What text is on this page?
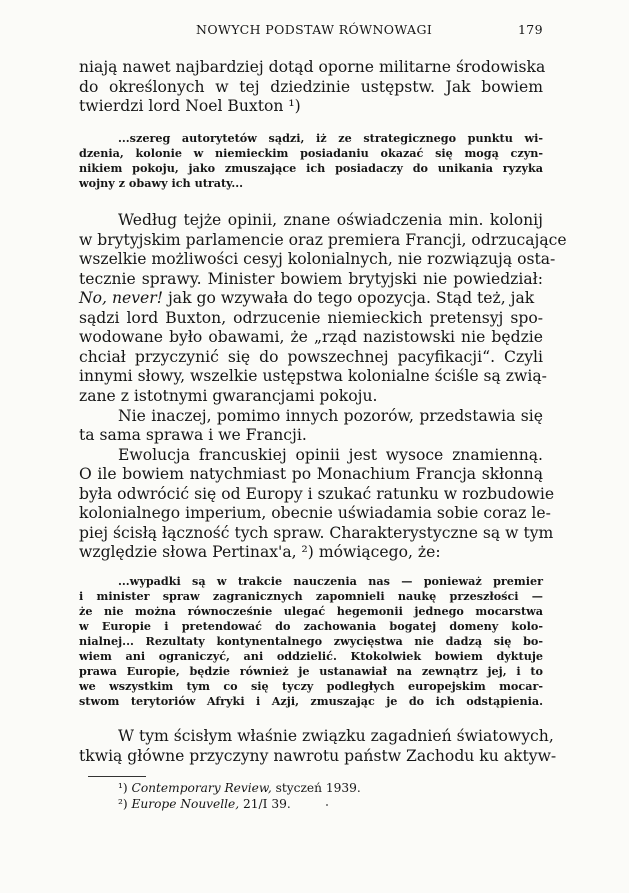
NOWYCH PODSTAW RÓWNOWAGI	179
niają nawet najbardziej dotąd oporne militarne środowiska
do określonych w tej dziedzinie ustępstw. Jak bowiem
twierdzi lord Noel Buxton ¹)
...szereg autorytetów sądzi, iż ze strategicznego punktu wi-
dzenia, kolonie w niemieckim posiadaniu okazać się mogą czyn-
nikiem pokoju, jako zmuszające ich posiadaczy do unikania ryzyka
wojny z obawy ich utraty...
Według tejże opinii, znane oświadczenia min. kolonij
w brytyjskim parlamencie oraz premiera Francji, odrzucające
wszelkie możliwości cesyj kolonialnych, nie rozwiązują osta-
tecznie sprawy. Minister bowiem brytyjski nie powiedział:
No, never! jak go wzywała do tego opozycja. Stąd też, jak
sądzi lord Buxton, odrzucenie niemieckich pretensyj spo-
wodowane było obawami, że „rząd nazistowski nie będzie
chciał przyczynić się do powszechnej pacyfikacji“. Czyli
innymi słowy, wszelkie ustępstwa kolonialne ściśle są zwią-
zane z istotnymi gwarancjami pokoju.
Nie inaczej, pomimo innych pozorów, przedstawia się
ta sama sprawa i we Francji.
Ewolucja francuskiej opinii jest wysoce znamienną.
O ile bowiem natychmiast po Monachium Francja skłonną
była odwrócić się od Europy i szukać ratunku w rozbudowie
kolonialnego imperium, obecnie uświadamia sobie coraz le-
piej ścisłą łączność tych spraw. Charakterystyczne są w tym
względzie słowa Pertinax'a, ²) mówiącego, że:
...wypadki są w trakcie nauczenia nas — ponieważ premier
i minister spraw zagranicznych zapomnieli naukę przeszłości —
że nie można równocześnie ulegać hegemonii jednego mocarstwa
w Europie i pretendować do zachowania bogatej domeny kolo-
nialnej... Rezultaty kontynentalnego zwycięstwa nie dadzą się bo-
wiem ani ograniczyć, ani oddzielić. Ktokolwiek bowiem dyktuje
prawa Europie, będzie również je ustanawiał na zewnątrz jej, i to
we wszystkim tym co się tyczy podległych europejskim mocar-
stwom terytoriów Afryki i Azji, zmuszając je do ich odstąpienia.
W tym ścisłym właśnie związku zagadnień światowych,
tkwią główne przyczyny nawrotu państw Zachodu ku aktyw-
¹) Contemporary Review, styczeń 1939.
²) Europe Nouvelle, 21/I 39.
